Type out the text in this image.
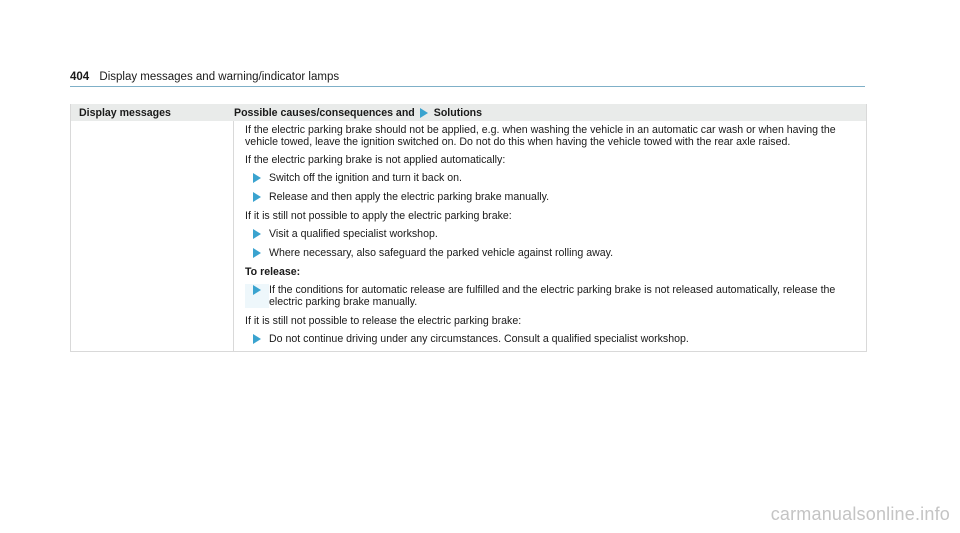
404 Display messages and warning/indicator lamps
Display messages	Possible causes/consequences and Solutions

If the electric parking brake should not be applied, e.g. when washing the vehicle in an automatic car wash or when having the vehicle towed, leave the ignition switched on. Do not do this when having the vehicle towed with the rear axle raised.

If the electric parking brake is not applied automatically:

Switch off the ignition and turn it back on.
Release and then apply the electric parking brake manually.

If it is still not possible to apply the electric parking brake:

Visit a qualified specialist workshop.
Where necessary, also safeguard the parked vehicle against rolling away.

To release:

If the conditions for automatic release are fulfilled and the electric parking brake is not released automatically, release the electric parking brake manually.

If it is still not possible to release the electric parking brake:

Do not continue driving under any circumstances. Consult a qualified specialist workshop.
carmanualsonline.info
